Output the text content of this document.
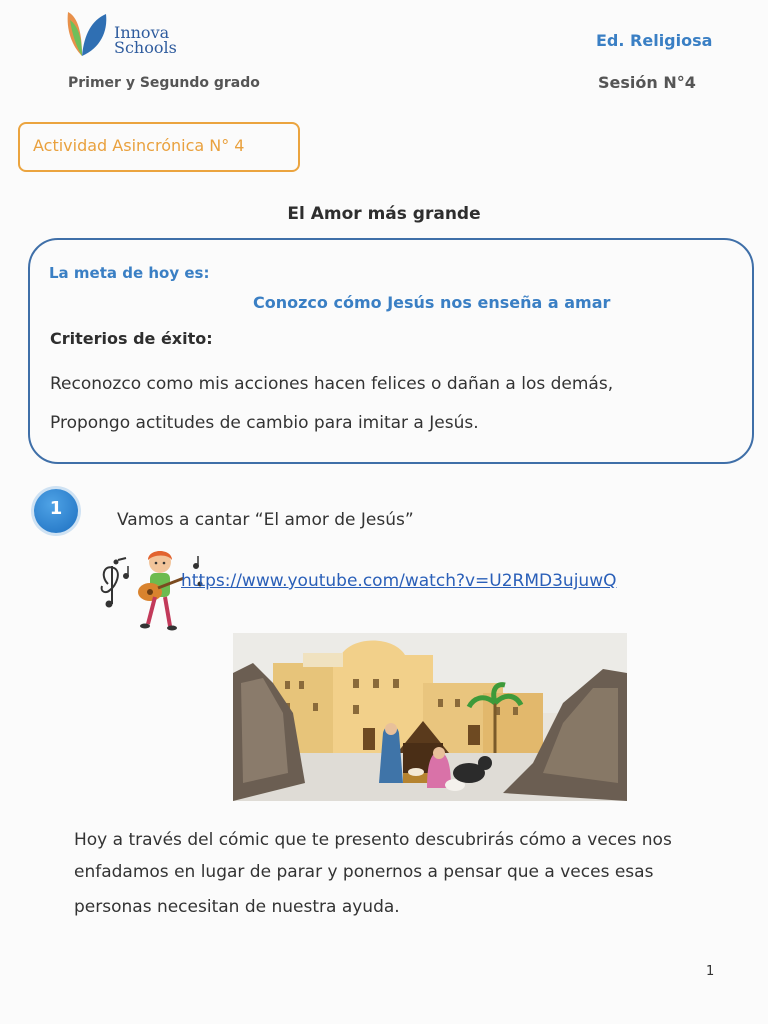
Innova
Schools
Primer y Segundo grado
Ed. Religiosa
Sesión N°4
Actividad Asincrónica N° 4
El Amor más grande
La meta de hoy es:
Conozco cómo Jesús nos enseña a amar
Criterios de éxito:
Reconozco como mis acciones hacen felices o dañan a los demás,
Propongo actitudes de cambio para imitar a Jesús.
1
Vamos a cantar “El amor de Jesús”
https://www.youtube.com/watch?v=U2RMD3ujuwQ
Hoy a través del cómic que te presento descubrirás cómo a veces nos
enfadamos en lugar de parar y ponernos a pensar que a veces esas
personas necesitan de nuestra ayuda.
1
